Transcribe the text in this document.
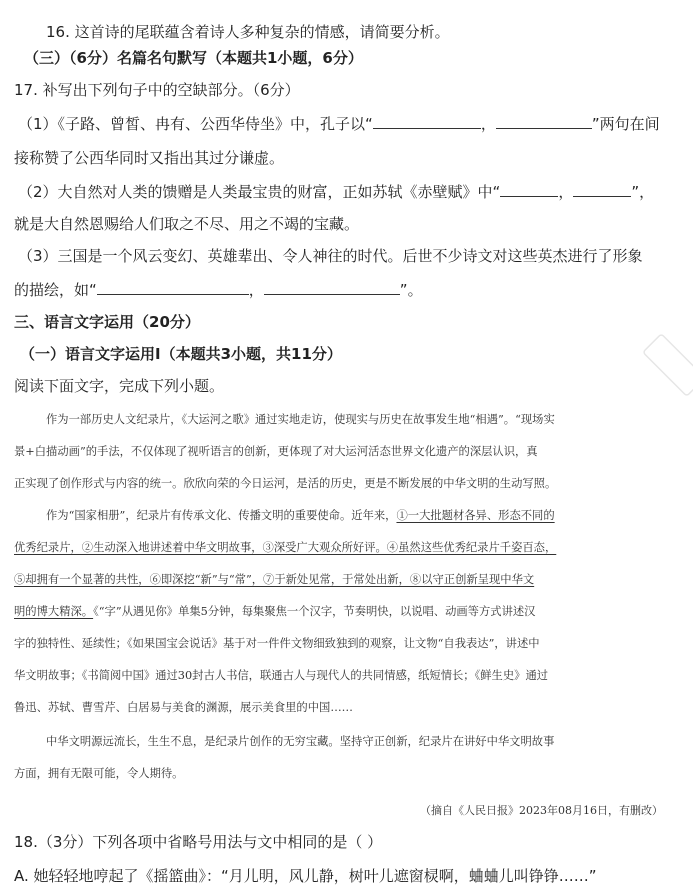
16. 这首诗的尾联蕴含着诗人多种复杂的情感，请简要分析。
（三）（6分）名篇名句默写（本题共1小题，6分）
17. 补写出下列句子中的空缺部分。（6分）
（1）《子路、曾皙、冉有、公西华侍坐》中，孔子以“	，	”两句在间
接称赞了公西华同时又指出其过分谦虚。
（2）大自然对人类的馈赠是人类最宝贵的财富，正如苏轼《赤壁赋》中“	，	”，
就是大自然恩赐给人们取之不尽、用之不竭的宝藏。
（3）三国是一个风云变幻、英雄辈出、令人神往的时代。后世不少诗文对这些英杰进行了形象
的描绘，如“	，	”。
三、语言文字运用（20分）
（一）语言文字运用Ⅰ（本题共3小题，共11分）
阅读下面文字，完成下列小题。
作为一部历史人文纪录片，《大运河之歌》通过实地走访，使现实与历史在故事发生地“相遇”。“现场实
景+白描动画”的手法，不仅体现了视听语言的创新，更体现了对大运河活态世界文化遗产的深层认识，真
正实现了创作形式与内容的统一。欣欣向荣的今日运河，是活的历史，更是不断发展的中华文明的生动写照。
作为“国家相册”，纪录片有传承文化、传播文明的重要使命。近年来，①一大批题材各异、形态不同的
优秀纪录片，②生动深入地讲述着中华文明故事，③深受广大观众所好评。④虽然这些优秀纪录片千姿百态，
⑤却拥有一个显著的共性，⑥即深挖“新”与“常”，⑦于新处见常，于常处出新，⑧以守正创新呈现中华文
明的博大精深。《“字”从遇见你》单集5分钟，每集聚焦一个汉字，节奏明快，以说唱、动画等方式讲述汉
字的独特性、延续性；《如果国宝会说话》基于对一件件文物细致独到的观察，让文物“自我表达”，讲述中
华文明故事；《书简阅中国》通过30封古人书信，联通古人与现代人的共同情感，纸短情长；《鲜生史》通过
鲁迅、苏轼、曹雪芹、白居易与美食的渊源，展示美食里的中国……
中华文明源远流长，生生不息，是纪录片创作的无穷宝藏。坚持守正创新，纪录片在讲好中华文明故事
方面，拥有无限可能，令人期待。
（摘自《人民日报》2023年08月16日，有删改）
18.（3分）下列各项中省略号用法与文中相同的是（ ）
A. 她轻轻地哼起了《摇篮曲》：“月儿明，风儿静，树叶儿遮窗棂啊，蛐蛐儿叫铮铮……”
